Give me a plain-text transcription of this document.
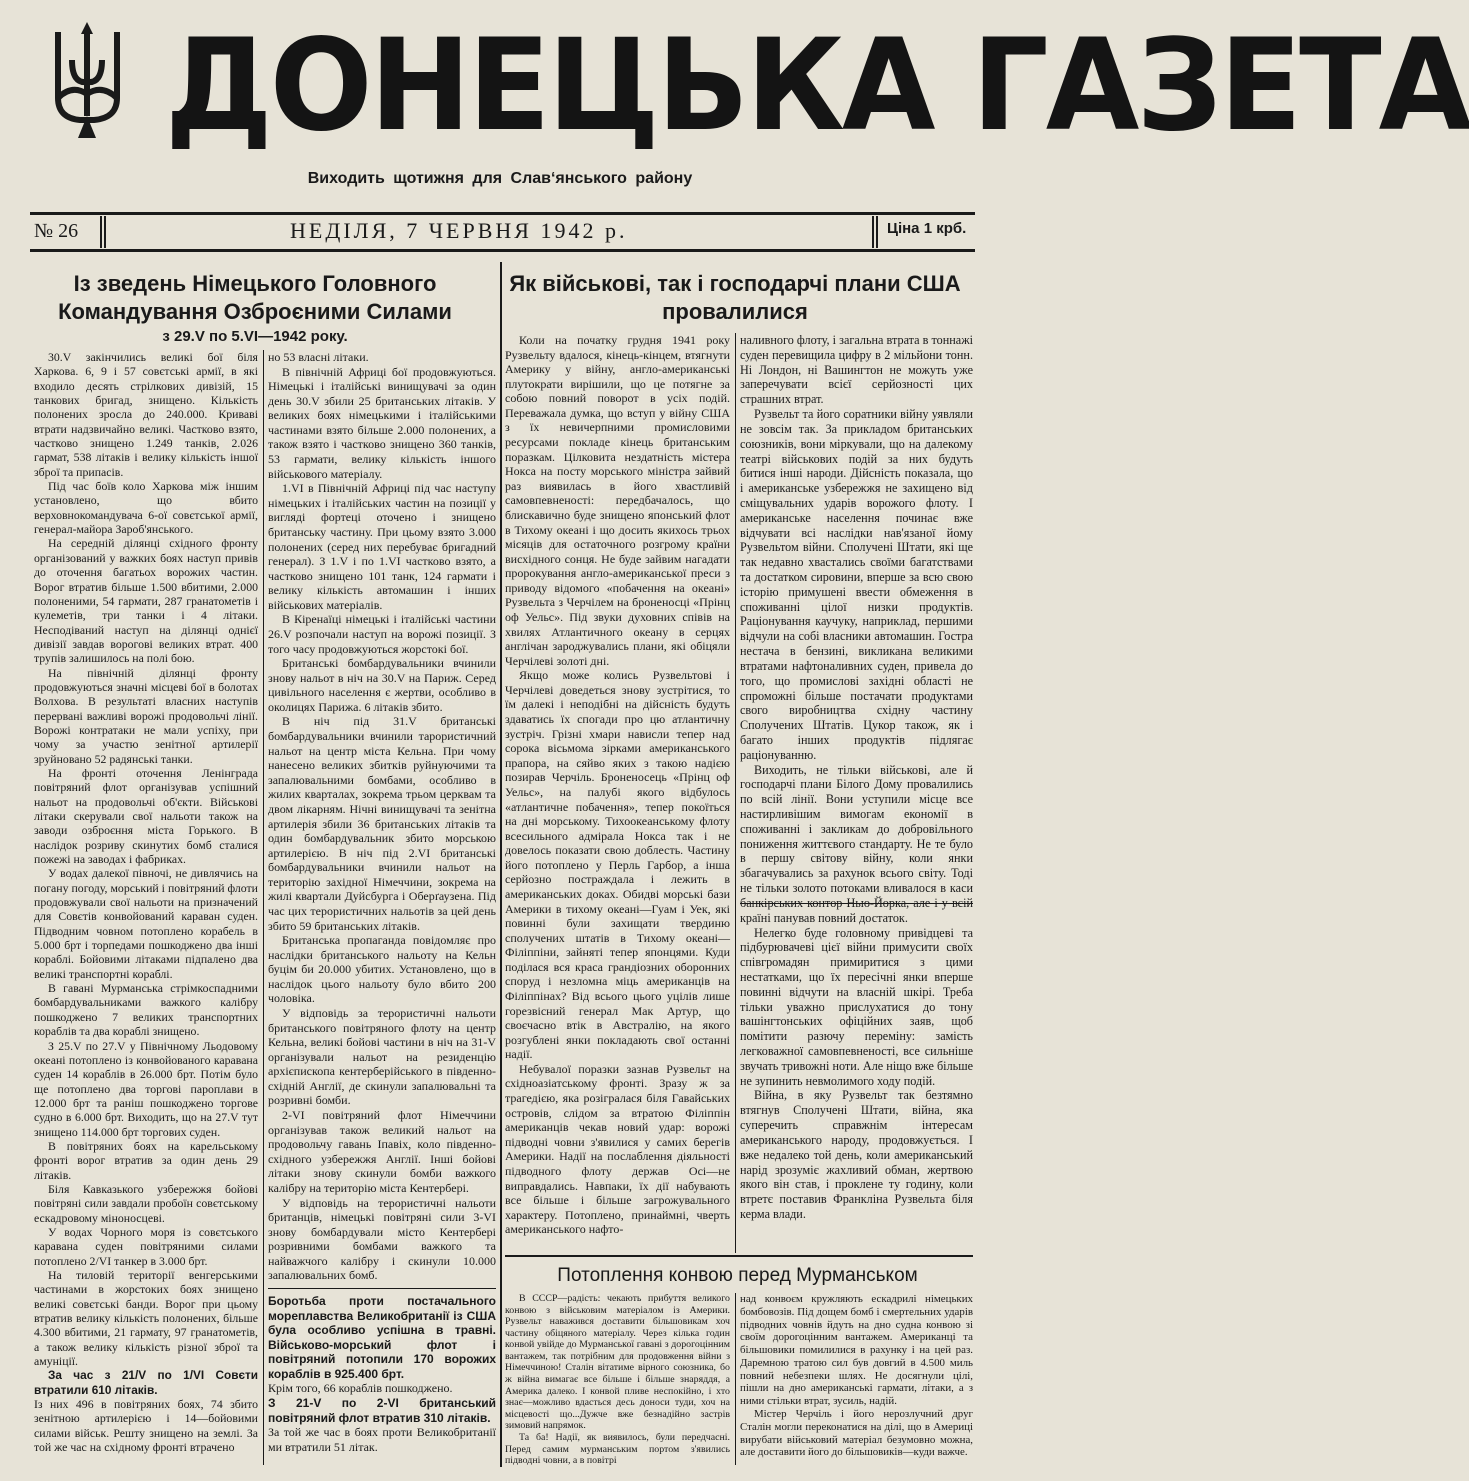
ДОНЕЦЬКА ГАЗЕТА
Виходить щотижня для Слав‘янського району
№ 26	НЕДІЛЯ, 7 ЧЕРВНЯ 1942 р.	Ціна 1 крб.
Із зведень Німецького Головного Командування Озброєними Силами
з 29.V по 5.VI—1942 року.

30.V закінчились великі бої біля Харкова. 6, 9 і 57 совєтські армії, в які входило десять стрілкових дивізій, 15 танкових бригад, знищено. Кількість полонених зросла до 240.000. Кривавi втрати надзвичайно великі. Частково взято, частково знищено 1.249 танків, 2.026 гармат, 538 літаків і велику кількість іншої зброї та припасів.

Під час боїв коло Харкова між іншим установлено, що вбито верховнокомандувача 6-ої совєтської армії, генерал-майора Зароб'янського.

На середній ділянці східного фронту організований у важких боях наступ привів до оточення багатьох ворожих частин. Ворог втратив більше 1.500 вбитими, 2.000 полоненими, 54 гармати, 287 гранатометів і кулеметів, три танки і 4 літаки. Несподіваний наступ на ділянці однієї дивізії завдав ворогові великих втрат. 400 трупів залишилось на полі бою.

На північній ділянці фронту продовжуються значні місцеві бої в болотах Волхова. В результаті власних наступів перервані важливі ворожі продовольчі лінії. Ворожі контратаки не мали успіху, при чому за участю зенітної артилерії зруйновано 52 радянські танки.

На фронті оточення Ленінграда повітряний флот організував успішний нальот на продовольчі об'єкти. Військові літаки скерували свої нальоти також на заводи озброєння міста Горького. В наслідок розриву скинутих бомб сталися пожежі на заводах і фабриках.

У водах далекої півночі, не дивлячись на погану погоду, морський і повітряний флоти продовжували свої нальоти на призначений для Совєтів конвойований караван суден. Підводним човном потоплено корабель в 5.000 брт і торпедами пошкоджено два інші кораблі. Бойовими літаками підпалено два великі транспортні кораблі.

В гавані Мурманська стрімкоспадними бомбардувальниками важкого калібру пошкоджено 7 великих транспортних кораблів та два кораблі знищено.

З 25.V по 27.V у Північному Льодовому океані потоплено із конвойованого каравана суден 14 кораблів в 26.000 брт. Потім було ще потоплено два торгові пароплави в 12.000 брт та раніш пошкоджено торгове судно в 6.000 брт. Виходить, що на 27.V тут знищено 114.000 брт торгових суден.

В повітряних боях на карельському фронті ворог втратив за один день 29 літаків.

Біля Кавказького узбережжя бойові повітряні сили завдали пробоїн совєтському ескадровому міноносцеві.

У водах Чорного моря із совєтського каравана суден повітряними силами потоплено 2/VI танкер в 3.000 брт.

На тиловій території венгерськими частинами в жорстоких боях знищено великі совєтські банди. Ворог при цьому втратив велику кількість полонених, більше 4.300 вбитими, 21 гармату, 97 гранатометів, а також велику кількість різної зброї та амуніції.

За час з 21/V по 1/VI Совєти втратили 610 літаків.

Із них 496 в повітряних боях, 74 збито зенітною артилерією і 14—бойовими силами військ. Решту знищено на землі. За той же час на східному фронті втрачено

но 53 власні літаки.

В північній Африці бої продовжуються. Німецькі і італійські винищувачі за один день 30.V збили 25 британських літаків. У великих боях німецькими і італійськими частинами взято більше 2.000 полонених, а також взято і частково знищено 360 танків, 53 гармати, велику кількість іншого військового матеріалу.

1.VI в Північній Африці під час наступу німецьких і італійських частин на позиції у вигляді фортеці оточено і знищено британську частину. При цьому взято 3.000 полонених (серед них перебуває бригадний генерал). З 1.V і по 1.VI частково взято, а частково знищено 101 танк, 124 гармати і велику кількість автомашин і інших військових матеріалів.

В Кіренаїці німецькі і італійські частини 26.V розпочали наступ на ворожі позиції. З того часу продовжуються жорстокі бої.

Британські бомбардувальники вчинили знову нальот в ніч на 30.V на Париж. Серед цивільного населення є жертви, особливо в околицях Парижа. 6 літаків збито.

В ніч під 31.V британські бомбардувальники вчинили тарористичний нальот на центр міста Кельна. При чому нанесено великих збитків руйнуючими та запалювальними бомбами, особливо в жилих кварталах, зокрема трьом церквам та двом лікарням. Нічні винищувачі та зенітна артилерія збили 36 британських літаків та один бомбардувальник збито морською артилерією. В ніч під 2.VI британські бомбардувальники вчинили нальот на територію західної Німеччини, зокрема на жилі квартали Дуйсбурга і Оберґаузена. Під час цих терористичних нальотів за цей день збито 59 британських літаків.

Британська пропаганда повідомляє про наслідки британського нальоту на Кельн буцім би 20.000 убитих. Установлено, що в наслідок цього нальоту було вбито 200 чоловіка.

У відповідь за терористичні нальоти британського повітряного флоту на центр Кельна, великі бойові частини в ніч на 31-V організували нальот на резиденцію архієпископа кентерберійського в південно-східній Англії, де скинули запалювальні та розривні бомби.

2-VI повітряний флот Німеччини організував також великий нальот на продовольчу гавань Іпавіх, коло південно-східного узбережжя Англії. Інші бойові літаки знову скинули бомби важкого калібру на територію міста Кентербері.

У відповідь на терористичні нальоти британців, німецькі повітряні сили 3-VI знову бомбардували місто Кентербері розривними бомбами важкого та найважчого калібру і скинули 10.000 запалювальних бомб.

Боротьба проти постачального мореплавства Великобританії із США була особливо успішна в травні. Військово-морський флот і повітряний потопили 170 ворожих кораблів в 925.400 брт.

Крім того, 66 кораблів пошкоджено.

З 21-V по 2-VI британський повітряний флот втратив 310 літаків.

За той же час в боях проти Великобританії ми втратили 51 літак.

Як військові, так і господарчі плани США провалилися

Коли на початку грудня 1941 року Рузвельту вдалося, кінець-кінцем, втягнути Америку у війну, англо-американські плутократи вирішили, що це потягне за собою повний поворот в усіх подій. Переважала думка, що вступ у війну США з їх невичерпними промисловими ресурсами покладе кінець британським поразкам. Цілковита нездатність містера Нокса на посту морського міністра зайвий раз виявилась в його хвастливій самовпевненості: передбачалось, що блискавично буде знищено японський флот в Тихому океані і що досить якихось трьох місяців для остаточного розгрому країни висхідного сонця. Не буде зайвим нагадати пророкування англо-американської преси з приводу відомого «побачення на океані» Рузвельта з Черчілем на броненосці «Прінц оф Уельс». Під звуки духовних співів на хвилях Атлантичного океану в серцях англічан зароджувались плани, які обіцяли Черчілеві золоті дні.

Якщо може колись Рузвельтові і Черчілеві доведеться знову зустрітися, то їм далекі і неподібні на дійсність будуть здаватись їх спогади про цю атлантичну зустріч. Грізні хмари нависли тепер над сорока вісьмома зірками американського прапора, на сяйво яких з такою надією позирав Черчіль. Броненосець «Прінц оф Уельс», на палубі якого відбулось «атлантичне побачення», тепер покоїться на дні морському. Тихоокеанському флоту всесильного адмірала Нокса так і не довелось показати свою доблесть. Частину його потоплено у Перль Гарбор, а інша серйозно постраждала і лежить в американських доках. Обидві морські бази Америки в тихому океані—Гуам і Уек, які повинні були захищати твердиню сполучених штатів в Тихому океані—Філіппіни, зайняті тепер японцями. Куди поділася вся краса грандіозних оборонних споруд і незломна міць американців на Філіппінах? Від всього цього уцілів лише горезвісний генерал Мак Артур, що своєчасно втік в Австралію, на якого розгублені янки покладають свої останні надії.

Небувалої поразки зазнав Рузвельт на східноазіатському фронті. Зразу ж за трагедією, яка розігралася біля Гавайських островів, слідом за втратою Філіппін американців чекав новий удар: ворожі підводні човни з'явилися у самих берегів Америки. Надії на послаблення діяльності підводного флоту держав Осі—не виправдались. Навпаки, їх дії набувають все більше і більше загрожувального характеру. Потоплено, принаймні, чверть американського нафто-

наливного флоту, і загальна втрата в тоннажі суден перевищила цифру в 2 мільйони тонн. Ні Лондон, ні Вашингтон не можуть уже заперечувати всієї серйозності цих страшних втрат.

Рузвельт та його соратники війну уявляли не зовсім так. За прикладом британських союзників, вони міркували, що на далекому театрі військових подій за них будуть битися інші народи. Дійсність показала, що і американське узбережжя не захищено від сміщувальних ударів ворожого флоту. І американське населення починає вже відчувати всі наслідки нав'язаної йому Рузвельтом війни. Сполучені Штати, які ще так недавно хвастались своїми багатствами та достатком сировини, вперше за всю свою історію примушені ввести обмеження в споживанні цілої низки продуктів. Раціонування каучуку, наприклад, першими відчули на собі власники автомашин. Гостра нестача в бензині, викликана великими втратами нафтоналивних суден, привела до того, що промислові західні області не спроможні більше постачати продуктами свого виробництва східну частину Сполучених Штатів. Цукор також, як і багато інших продуктів підлягає раціонуванню.

Виходить, не тільки військові, але й господарчі плани Білого Дому провалились по всій лінії. Вони уступили місце все настирливішим вимогам економії в споживанні і закликам до добровільного пониження життєвого стандарту. Не те було в першу світову війну, коли янки збагачувались за рахунок всього світу. Тоді не тільки золото потоками вливалося в каси банкірських контор Нью-Йорка, але і у всій країні панував повний достаток.

Нелегко буде головному привідцеві та підбурювачеві цієї війни примусити своїх співгромадян примиритися з цими нестатками, що їх пересічні янки вперше повинні відчути на власній шкірі. Треба тільки уважно прислухатися до тону вашінгтонських офіційних заяв, щоб помітити разючу переміну: замість легковажної самовпевненості, все сильніше звучать тривожні ноти. Але ніщо вже більше не зупинить невмолимого ходу подій.

Війна, в яку Рузвельт так безтямно втягнув Сполучені Штати, війна, яка суперечить справжнім інтересам американського народу, продовжується. І вже недалеко той день, коли американський нарід зрозуміє жахливий обман, жертвою якого він став, і проклене ту годину, коли втретє поставив Франкліна Рузвельта біля керма влади.

Потоплення конвою перед Мурманськом

В СССР—радість: чекають прибуття великого конвою з військовим матеріалом із Америки. Рузвельт наважився доставити більшовикам хоч частину обіцяного матеріалу. Через кілька годин конвой увійде до Мурманської гавані з дорогоцінним вантажем, так потрібним для продовження війни з Німеччиною! Сталін вітатиме вірного союзника, бо ж війна вимагає все більше і більше знаряддя, а Америка далеко. І конвой пливе неспокійно, і хто знає—можливо вдасться десь доноси туди, хоч на місцевості що...Дужче вже безнадійно застрів зимовий напрямок.

Та ба! Надії, як виявилось, були передчасні. Перед самим мурманським портом з'явились підводні човни, а в повітрі

над конвоєм кружляють ескадрилі німецьких бомбовозів. Під дощем бомб і смертельних ударів підводних човнів йдуть на дно судна конвою зі своїм дорогоцінним вантажем. Американці та більшовики помилилися в рахунку і на цей раз. Даремною тратою сил був довгий в 4.500 миль повний небезпеки шлях. Не досягнули цілі, пішли на дно американські гармати, літаки, а з ними стільки втрат, зусиль, надій.

Містер Черчіль і його нерозлучний друг Сталін могли переконатися на ділі, що в Америці вирубати військовий матеріал безумовно можна, але доставити його до більшовиків—куди важче.
